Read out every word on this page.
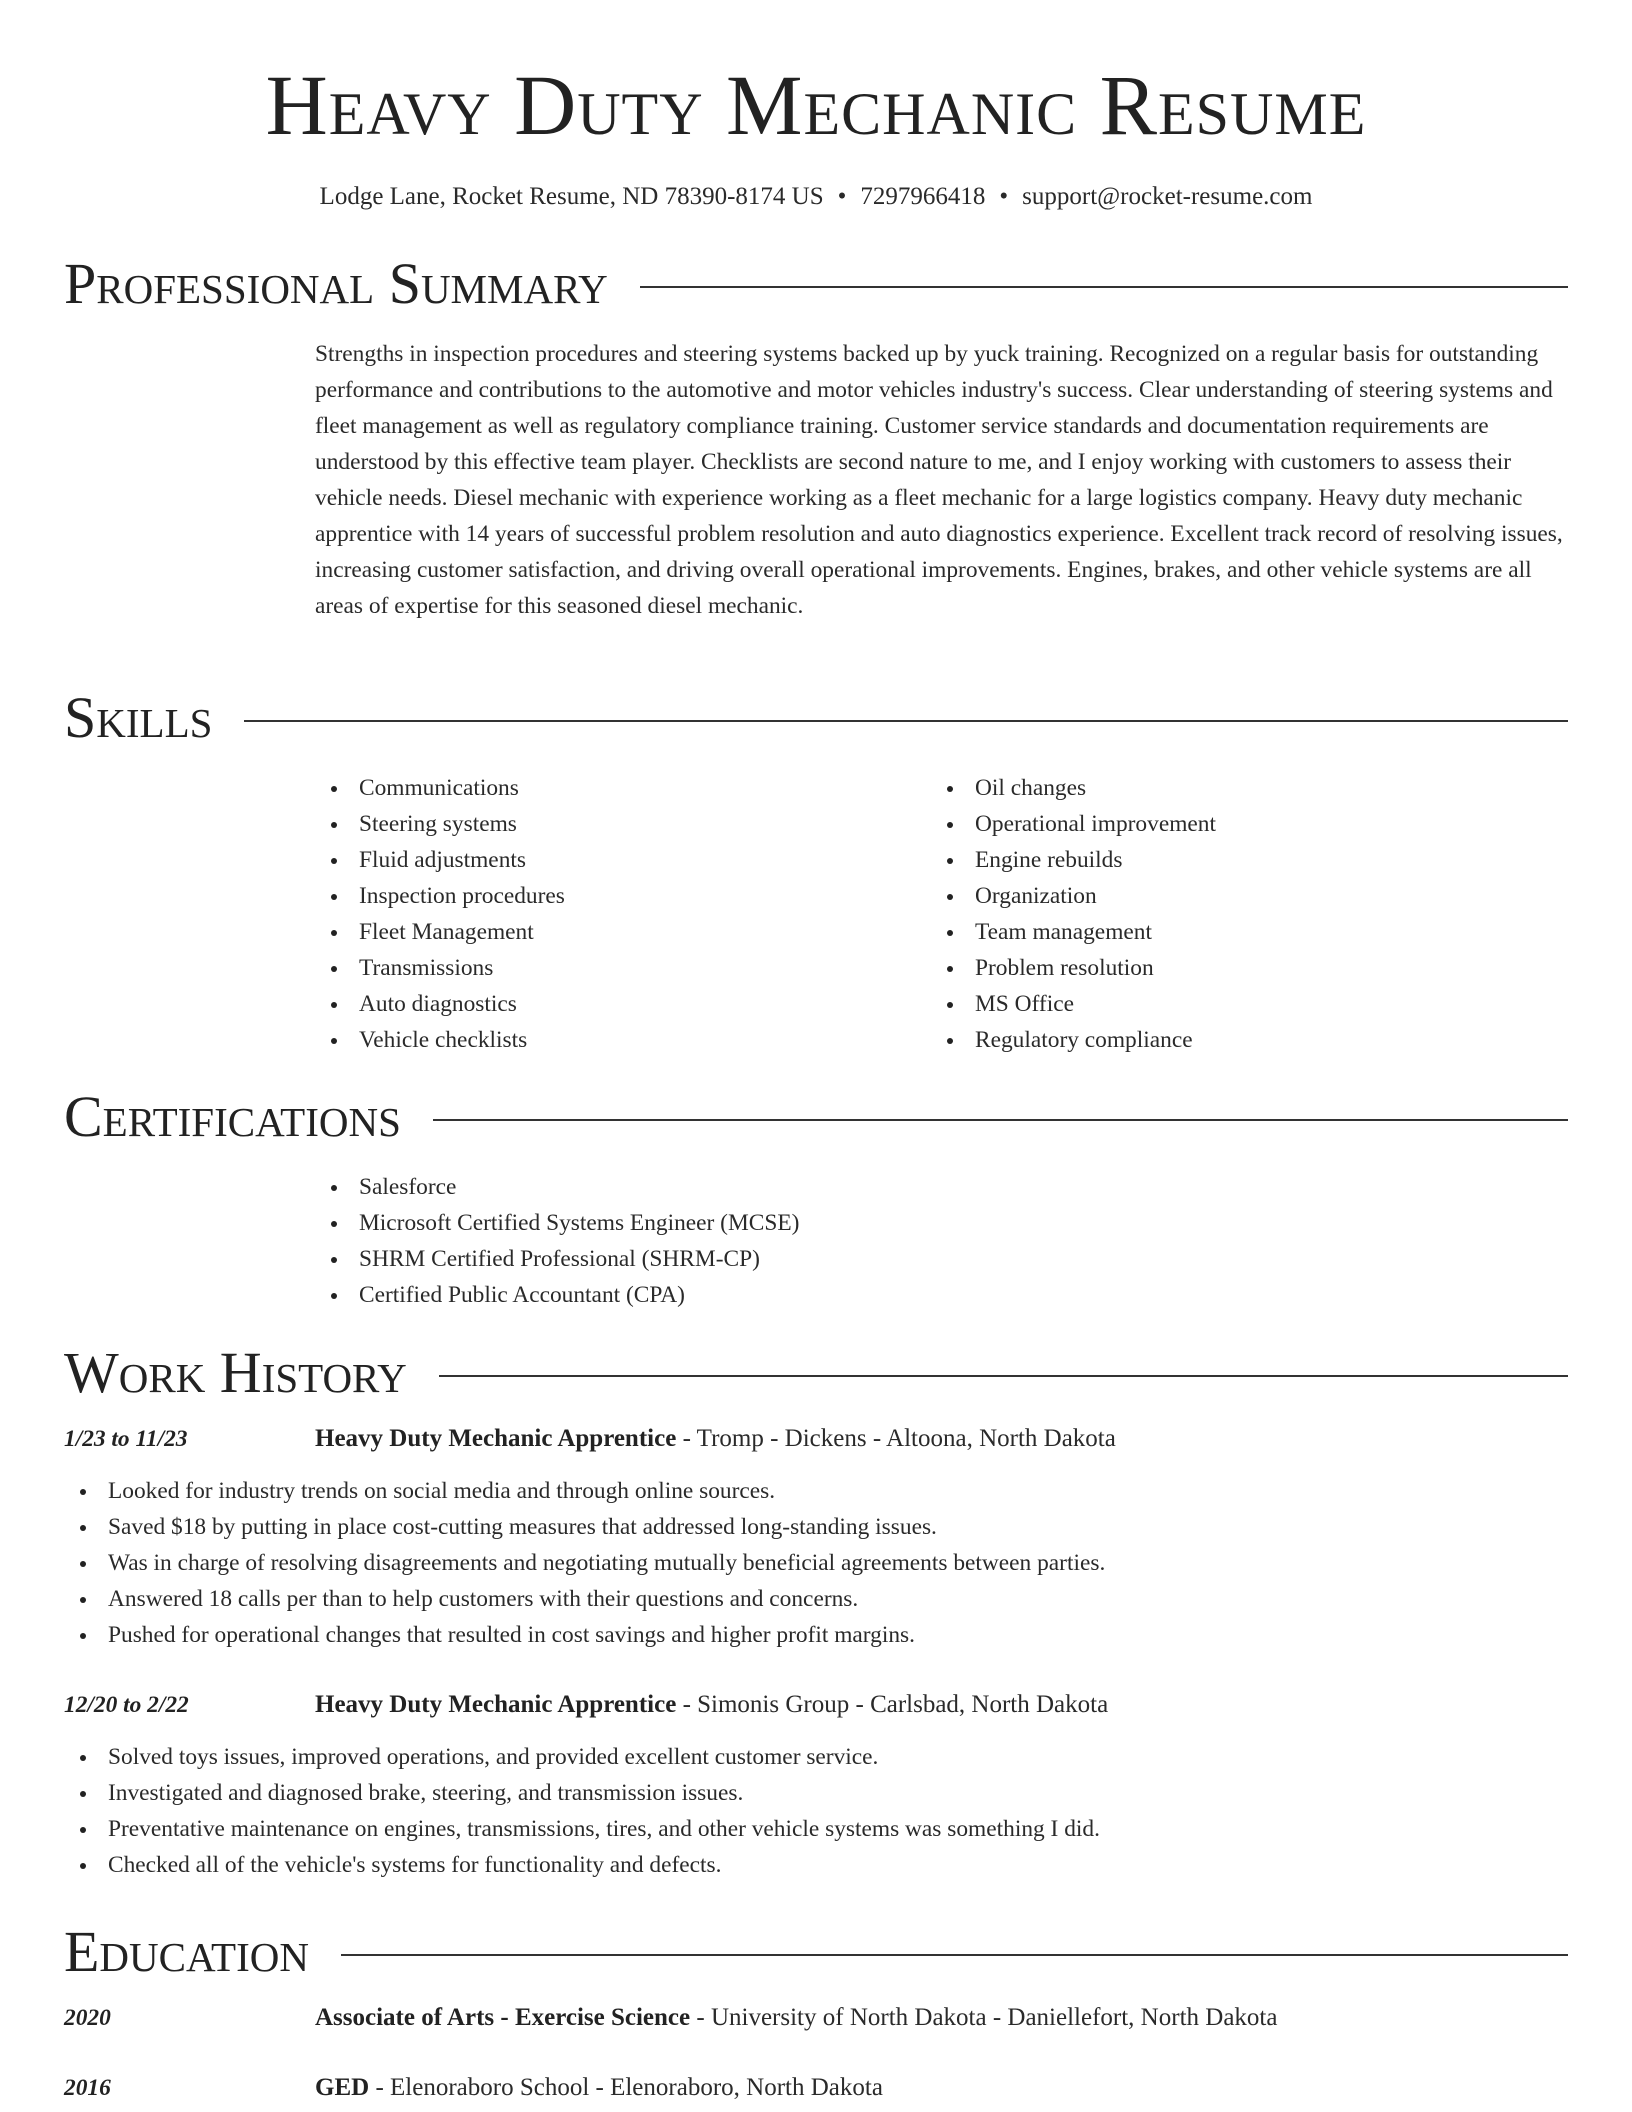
Heavy Duty Mechanic Resume
Lodge Lane, Rocket Resume, ND 78390-8174 US • 7297966418 • support@rocket-resume.com
Professional Summary

Strengths in inspection procedures and steering systems backed up by yuck training. Recognized on a regular basis for outstanding performance and contributions to the automotive and motor vehicles industry's success. Clear understanding of steering systems and fleet management as well as regulatory compliance training. Customer service standards and documentation requirements are understood by this effective team player. Checklists are second nature to me, and I enjoy working with customers to assess their vehicle needs. Diesel mechanic with experience working as a fleet mechanic for a large logistics company. Heavy duty mechanic apprentice with 14 years of successful problem resolution and auto diagnostics experience. Excellent track record of resolving issues, increasing customer satisfaction, and driving overall operational improvements. Engines, brakes, and other vehicle systems are all areas of expertise for this seasoned diesel mechanic.

Skills
Communications
Steering systems
Fluid adjustments
Inspection procedures
Fleet Management
Transmissions
Auto diagnostics
Vehicle checklists
Oil changes
Operational improvement
Engine rebuilds
Organization
Team management
Problem resolution
MS Office
Regulatory compliance
Certifications
Salesforce
Microsoft Certified Systems Engineer (MCSE)
SHRM Certified Professional (SHRM-CP)
Certified Public Accountant (CPA)
Work History
1/23 to 11/23	Heavy Duty Mechanic Apprentice - Tromp - Dickens - Altoona, North Dakota
Looked for industry trends on social media and through online sources.
Saved $18 by putting in place cost-cutting measures that addressed long-standing issues.
Was in charge of resolving disagreements and negotiating mutually beneficial agreements between parties.
Answered 18 calls per than to help customers with their questions and concerns.
Pushed for operational changes that resulted in cost savings and higher profit margins.
12/20 to 2/22	Heavy Duty Mechanic Apprentice - Simonis Group - Carlsbad, North Dakota
Solved toys issues, improved operations, and provided excellent customer service.
Investigated and diagnosed brake, steering, and transmission issues.
Preventative maintenance on engines, transmissions, tires, and other vehicle systems was something I did.
Checked all of the vehicle's systems for functionality and defects.
Education
2020	Associate of Arts - Exercise Science - University of North Dakota - Daniellefort, North Dakota
2016	GED - Elenoraboro School - Elenoraboro, North Dakota
